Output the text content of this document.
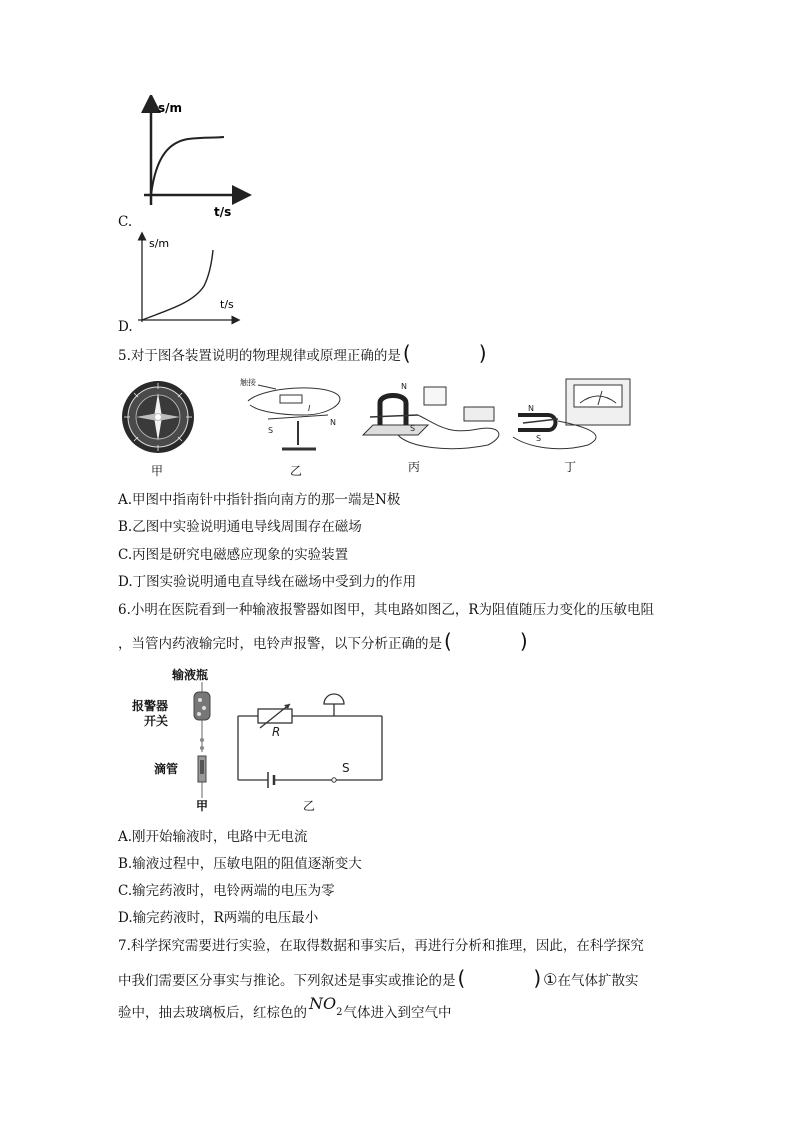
s/m
t/s
C.
s/m
t/s
D.
5.对于图各装置说明的物理规律或原理正确的是 (	)
触接
I
S
N
N
S
N
S
甲	乙	丙	丁
A.甲图中指南针中指针指向南方的那一端是N极
B.乙图中实验说明通电导线周围存在磁场
C.丙图是研究电磁感应现象的实验装置
D.丁图实验说明通电直导线在磁场中受到力的作用
6.小明在医院看到一种输液报警器如图甲，其电路如图乙，R为阻值随压力变化的压敏电阻
，当管内药液输完时，电铃声报警，以下分析正确的是 (	)
输液瓶
报警器
开关
滴管
甲
R
S
乙
A.刚开始输液时，电路中无电流
B.输液过程中，压敏电阻的阻值逐渐变大
C.输完药液时，电铃两端的电压为零
D.输完药液时，R两端的电压最小
7.科学探究需要进行实验，在取得数据和事实后，再进行分析和推理，因此，在科学探究
中我们需要区分事实与推论。下列叙述是事实或推论的是 (	) ①在气体扩散实
验中，抽去玻璃板后，红棕色的 NO2气体进入到空气中
